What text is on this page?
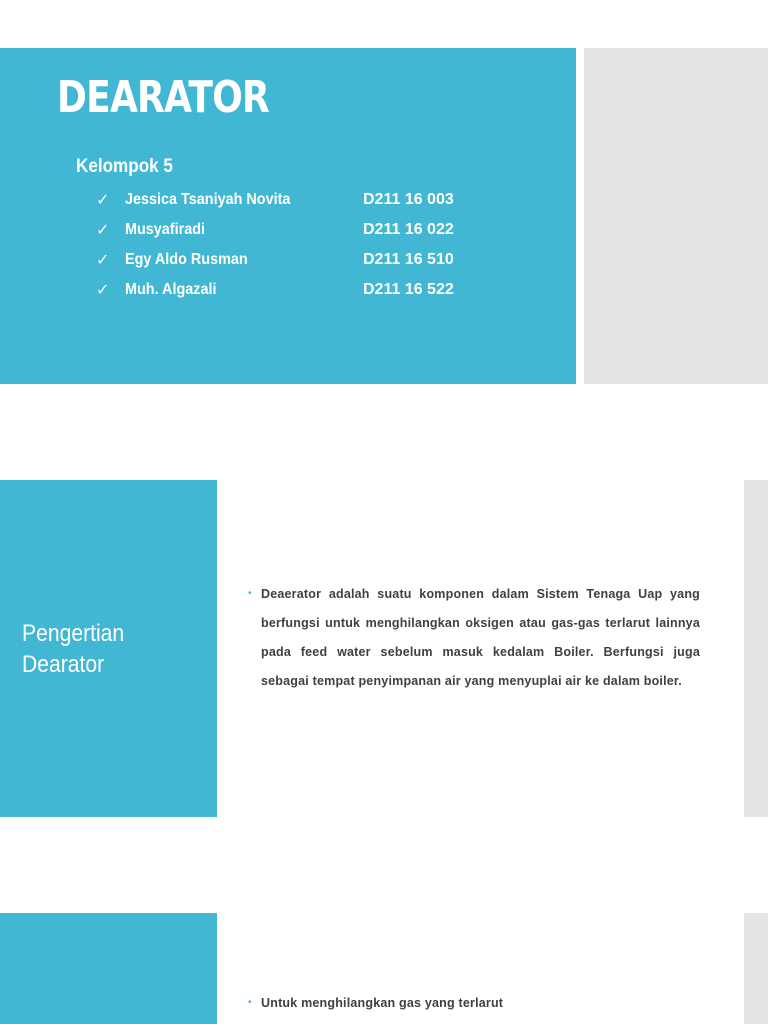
DEARATOR
Kelompok 5
✓ Jessica Tsaniyah Novita	D211 16 003
✓ Musyafiradi	D211 16 022
✓ Egy Aldo Rusman	D211 16 510
✓ Muh. Algazali	D211 16 522
Pengertian
Dearator
• Deaerator adalah suatu komponen dalam Sistem Tenaga Uap yang berfungsi untuk menghilangkan oksigen atau gas-gas terlarut lainnya pada feed water sebelum masuk kedalam Boiler. Berfungsi juga sebagai tempat penyimpanan air yang menyuplai air ke dalam boiler.

• Untuk menghilangkan gas yang terlarut
